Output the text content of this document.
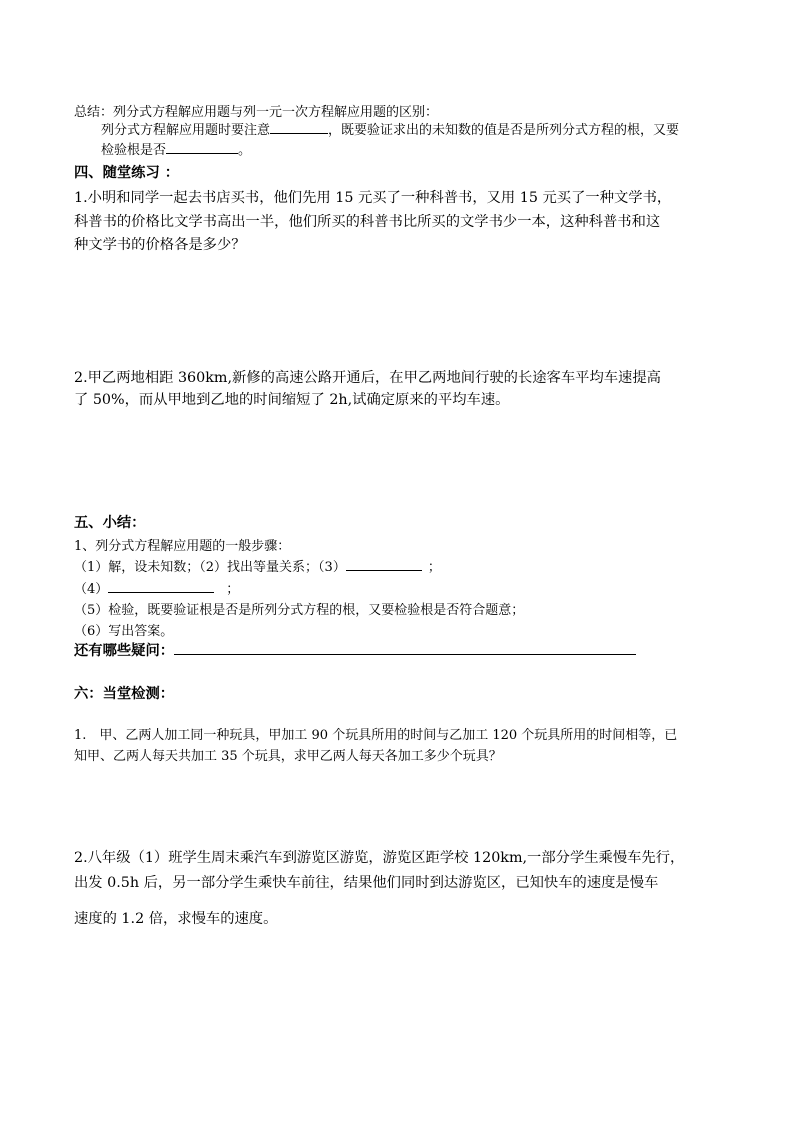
总结：列分式方程解应用题与列一元一次方程解应用题的区别：
列分式方程解应用题时要注意	，既要验证求出的未知数的值是否是所列分式方程的根，又要
检验根是否	。
四、随堂练习 ：
1.小明和同学一起去书店买书，他们先用 15 元买了一种科普书，又用 15 元买了一种文学书，
科普书的价格比文学书高出一半，他们所买的科普书比所买的文学书少一本，这种科普书和这
种文学书的价格各是多少？
2.甲乙两地相距 360km,新修的高速公路开通后，在甲乙两地间行驶的长途客车平均车速提高
了 50%，而从甲地到乙地的时间缩短了 2h,试确定原来的平均车速。
五、小结：
1、列分式方程解应用题的一般步骤：
（1）解，设未知数；（2）找出等量关系；（3）	；
（4）	；
（5）检验，既要验证根是否是所列分式方程的根，又要检验根是否符合题意；
（6）写出答案。
还有哪些疑问：
六：当堂检测：
1.　甲、乙两人加工同一种玩具，甲加工 90 个玩具所用的时间与乙加工 120 个玩具所用的时间相等，已
知甲、乙两人每天共加工 35 个玩具，求甲乙两人每天各加工多少个玩具？
2.八年级（1）班学生周末乘汽车到游览区游览，游览区距学校 120km,一部分学生乘慢车先行，
出发 0.5h 后，另一部分学生乘快车前往，结果他们同时到达游览区，已知快车的速度是慢车
速度的 1.2 倍，求慢车的速度。
